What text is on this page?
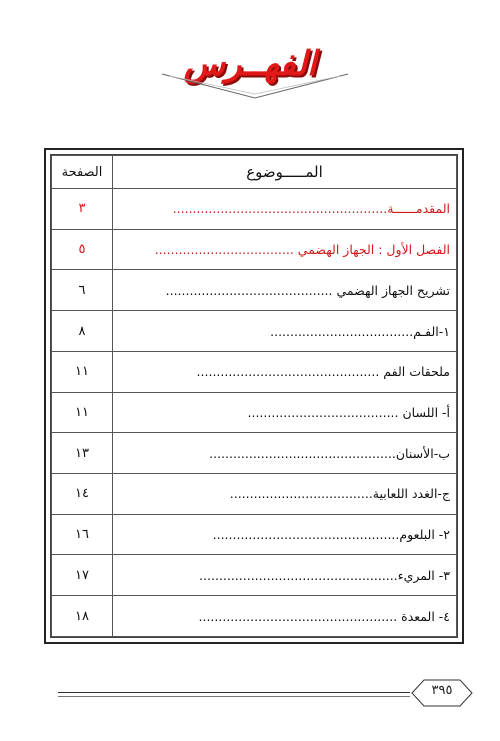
الفهــرس
المـــــوضوع	الصفحة
المقدمــــــة......................................................	٣
الفصل الأول : الجهاز الهضمي ...................................	٥
تشريح الجهاز الهضمي ..........................................	٦
١-الفـم....................................	٨
ملحقات الفم ..............................................	١١
أ- اللسان ......................................	١١
ب-الأسنان...............................................	١٣
ج-الغدد اللعابية....................................	١٤
٢- البلعوم...............................................	١٦
٣- المريء..................................................	١٧
٤- المعدة ..................................................	١٨
٣٩٥
